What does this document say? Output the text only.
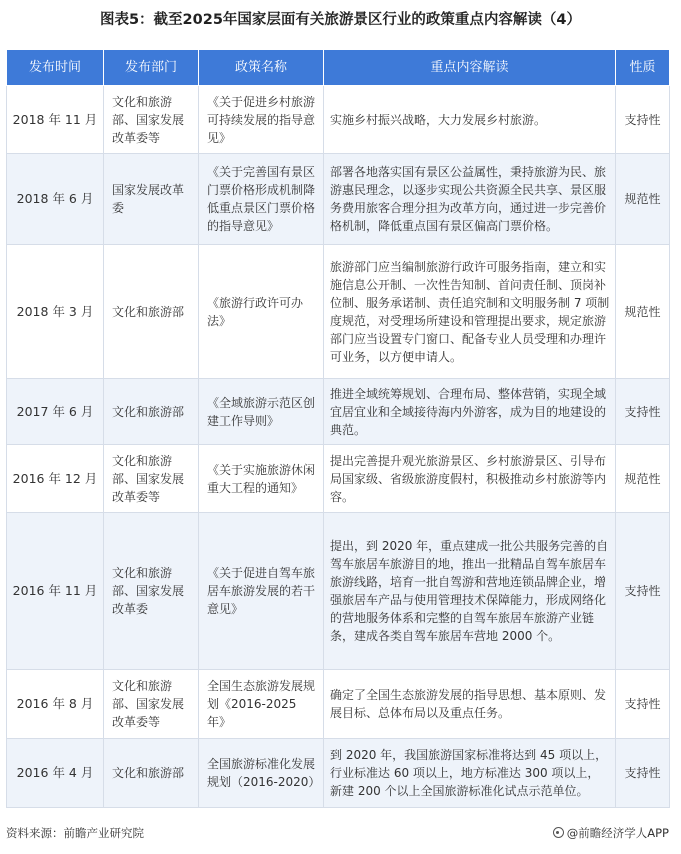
图表5：截至2025年国家层面有关旅游景区行业的政策重点内容解读（4）
发布时间	发布部门	政策名称	重点内容解读	性质
2018 年 11 月	文化和旅游部、国家发展改革委等	《关于促进乡村旅游可持续发展的指导意见》	实施乡村振兴战略，大力发展乡村旅游。	支持性
2018 年 6 月	国家发展改革委	《关于完善国有景区门票价格形成机制降低重点景区门票价格的指导意见》	部署各地落实国有景区公益属性，秉持旅游为民、旅游惠民理念，以逐步实现公共资源全民共享、景区服务费用旅客合理分担为改革方向，通过进一步完善价格机制，降低重点国有景区偏高门票价格。	规范性
2018 年 3 月	文化和旅游部	《旅游行政许可办法》	旅游部门应当编制旅游行政许可服务指南，建立和实施信息公开制、一次性告知制、首问责任制、顶岗补位制、服务承诺制、责任追究制和文明服务制 7 项制度规范，对受理场所建设和管理提出要求，规定旅游部门应当设置专门窗口、配备专业人员受理和办理许可业务，以方便申请人。	规范性
2017 年 6 月	文化和旅游部	《全域旅游示范区创建工作导则》	推进全域统筹规划、合理布局、整体营销，实现全域宜居宜业和全域接待海内外游客，成为目的地建设的典范。	支持性
2016 年 12 月	文化和旅游部、国家发展改革委等	《关于实施旅游休闲重大工程的通知》	提出完善提升观光旅游景区、乡村旅游景区、引导布局国家级、省级旅游度假村，积极推动乡村旅游等内容。	规范性
2016 年 11 月	文化和旅游部、国家发展改革委	《关于促进自驾车旅居车旅游发展的若干意见》	提出，到 2020 年，重点建成一批公共服务完善的自驾车旅居车旅游目的地，推出一批精品自驾车旅居车旅游线路，培育一批自驾游和营地连锁品牌企业，增强旅居车产品与使用管理技术保障能力，形成网络化的营地服务体系和完整的自驾车旅居车旅游产业链条，建成各类自驾车旅居车营地 2000 个。	支持性
2016 年 8 月	文化和旅游部、国家发展改革委等	全国生态旅游发展规划《2016-2025 年》	确定了全国生态旅游发展的指导思想、基本原则、发展目标、总体布局以及重点任务。	支持性
2016 年 4 月	文化和旅游部	全国旅游标准化发展规划（2016-2020）	到 2020 年，我国旅游国家标准将达到 45 项以上，行业标准达 60 项以上，地方标准达 300 项以上，新建 200 个以上全国旅游标准化试点示范单位。	支持性
资料来源：前瞻产业研究院	@前瞻经济学人APP
